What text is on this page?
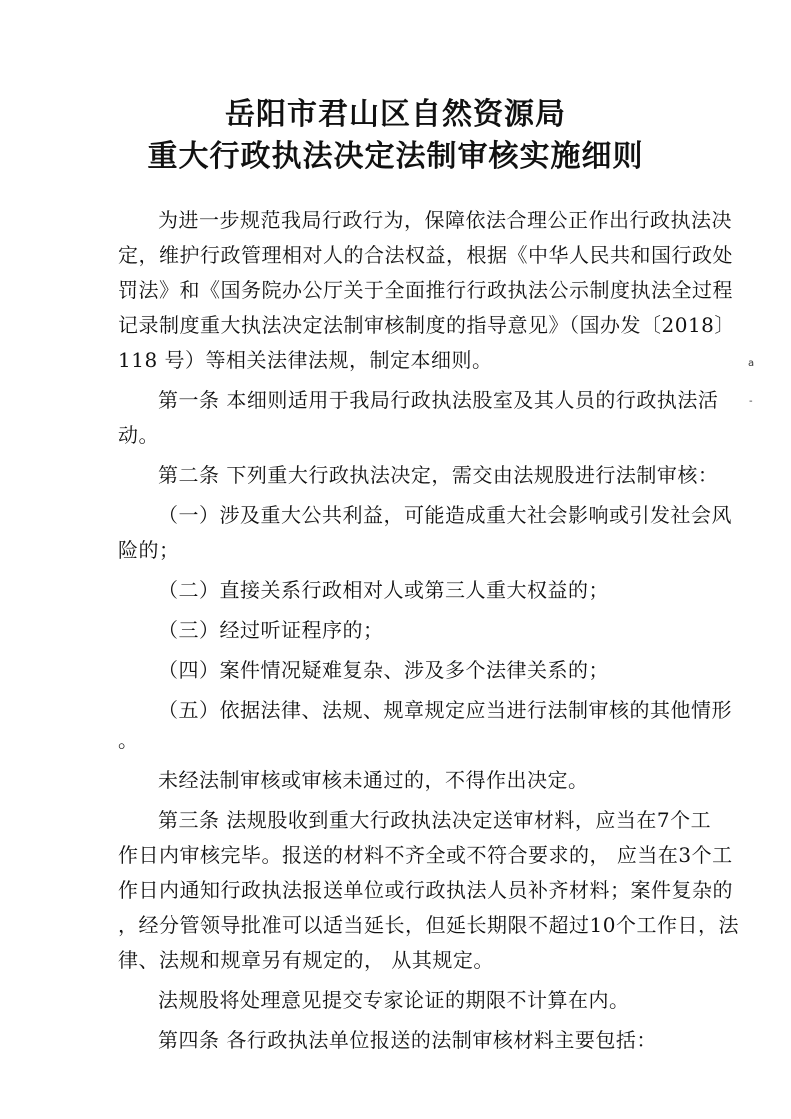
岳阳市君山区自然资源局
重大行政执法决定法制审核实施细则

为进一步规范我局行政行为，保障依法合理公正作出行政执法决

定，维护行政管理相对人的合法权益，根据《中华人民共和国行政处

罚法》和《国务院办公厅关于全面推行行政执法公示制度执法全过程

记录制度重大执法决定法制审核制度的指导意见》（国办发〔2018〕

118 号）等相关法律法规，制定本细则。

第一条 本细则适用于我局行政执法股室及其人员的行政执法活

动。

第二条 下列重大行政执法决定，需交由法规股进行法制审核：

（一）涉及重大公共利益，可能造成重大社会影响或引发社会风

险的；

（二）直接关系行政相对人或第三人重大权益的；

（三）经过听证程序的；

（四）案件情况疑难复杂、涉及多个法律关系的；

（五）依据法律、法规、规章规定应当进行法制审核的其他情形

。

未经法制审核或审核未通过的，不得作出决定。

第三条 法规股收到重大行政执法决定送审材料，应当在7个工

作日内审核完毕。报送的材料不齐全或不符合要求的， 应当在3个工

作日内通知行政执法报送单位或行政执法人员补齐材料；案件复杂的

，经分管领导批准可以适当延长，但延长期限不超过10个工作日，法

律、法规和规章另有规定的， 从其规定。

法规股将处理意见提交专家论证的期限不计算在内。

第四条 各行政执法单位报送的法制审核材料主要包括：

a
-
